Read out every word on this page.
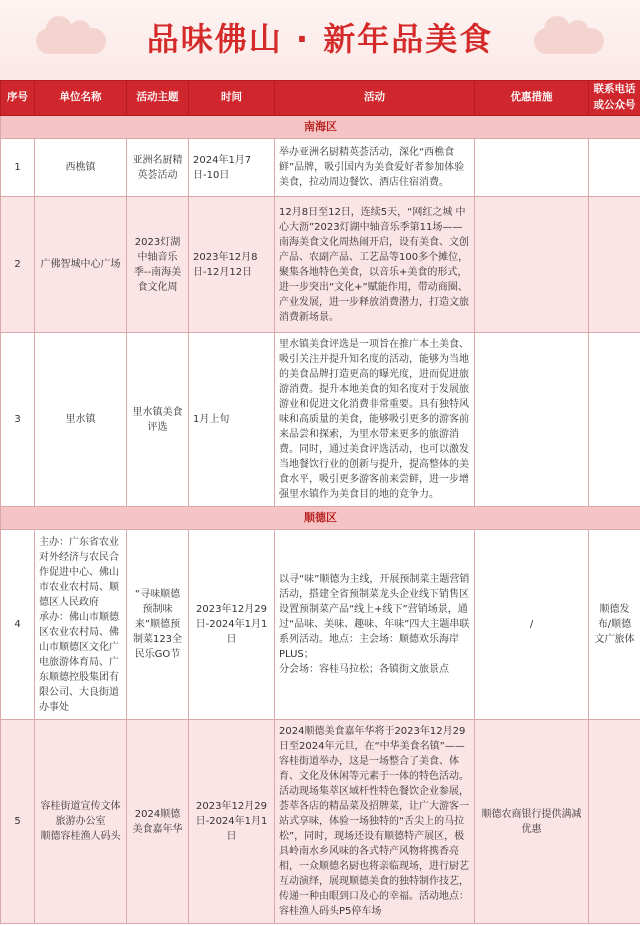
品味佛山 · 新年品美食
序号	单位名称	活动主题	时间	活动	优惠措施	联系电话或公众号
南海区						
1	西樵镇	亚洲名厨精英荟活动	2024年1月7日-10日	举办亚洲名厨精英荟活动，深化“西樵食鲜”品牌，吸引国内为美食爱好者参加体验美食，拉动周边餐饮、酒店住宿消费。		
2	广佛智城中心广场	2023灯湖中轴音乐季--南海美食文化周	2023年12月8日-12月12日	12月8日至12日，连续5天，“网红之城 中心大沥”2023灯湖中轴音乐季第11场——南海美食文化周热闹开启，设有美食、文创产品、农副产品、工艺品等100多个摊位，聚集各地特色美食，以音乐+美食的形式，进一步突出“文化+”赋能作用，带动商圈、产业发展，进一步释放消费潜力，打造文旅消费新场景。		
3	里水镇	里水镇美食评选	1月上旬	里水镇美食评选是一项旨在推广本土美食、吸引关注并提升知名度的活动，能够为当地的美食品牌打造更高的曝光度，进而促进旅游消费。提升本地美食的知名度对于发展旅游业和促进文化消费非常重要。具有独特风味和高质量的美食，能够吸引更多的游客前来品尝和探索，为里水带来更多的旅游消费。同时，通过美食评选活动，也可以激发当地餐饮行业的创新与提升，提高整体的美食水平，吸引更多游客前来尝鲜，进一步增强里水镇作为美食目的地的竞争力。		
顺德区						
4	主办：广东省农业对外经济与农民合作促进中心、佛山市农业农村局、顺德区人民政府
承办：佛山市顺德区农业农村局、佛山市顺德区文化广电旅游体育局、广东顺德控股集团有限公司、大良街道办事处	“寻味顺德 预制味来”顺德预制菜123全民乐GO节	2023年12月29日-2024年1月1日	以寻“味”顺德为主线，开展预制菜主题营销活动，搭建全省预制菜龙头企业线下销售区设置预制菜产品“线上+线下”营销场景，通过“品味、美味、趣味、年味”四大主题串联系列活动。地点：主会场：顺德欢乐海岸PLUS；
分会场：容桂马拉松；各镇街文旅景点	/	顺德发布/顺德文广旅体
5	容桂街道宣传文体旅游办公室
顺德容桂渔人码头	2024顺德美食嘉年华	2023年12月29日-2024年1月1日	2024顺德美食嘉年华将于2023年12月29日至2024年元旦，在“中华美食名镇”——容桂街道举办，这是一场整合了美食、体育、文化及休闲等元素于一体的特色活动。活动现场集萃区域杆性特色餐饮企业参展，荟萃各店的精品菜及招牌菜，让广大游客一站式享味，体验一场独特的“舌尖上的马拉松”，同时，现场还设有顺德特产展区，极具岭南水乡风味的各式特产风物将携香亮相，一众顺德名厨也将亲临现场，进行厨艺互动演绎，展现顺德美食的独特制作技艺，传递一种由眼到口及心的幸福。活动地点：容桂渔人码头P5停车场	顺德农商银行提供满减优惠	
